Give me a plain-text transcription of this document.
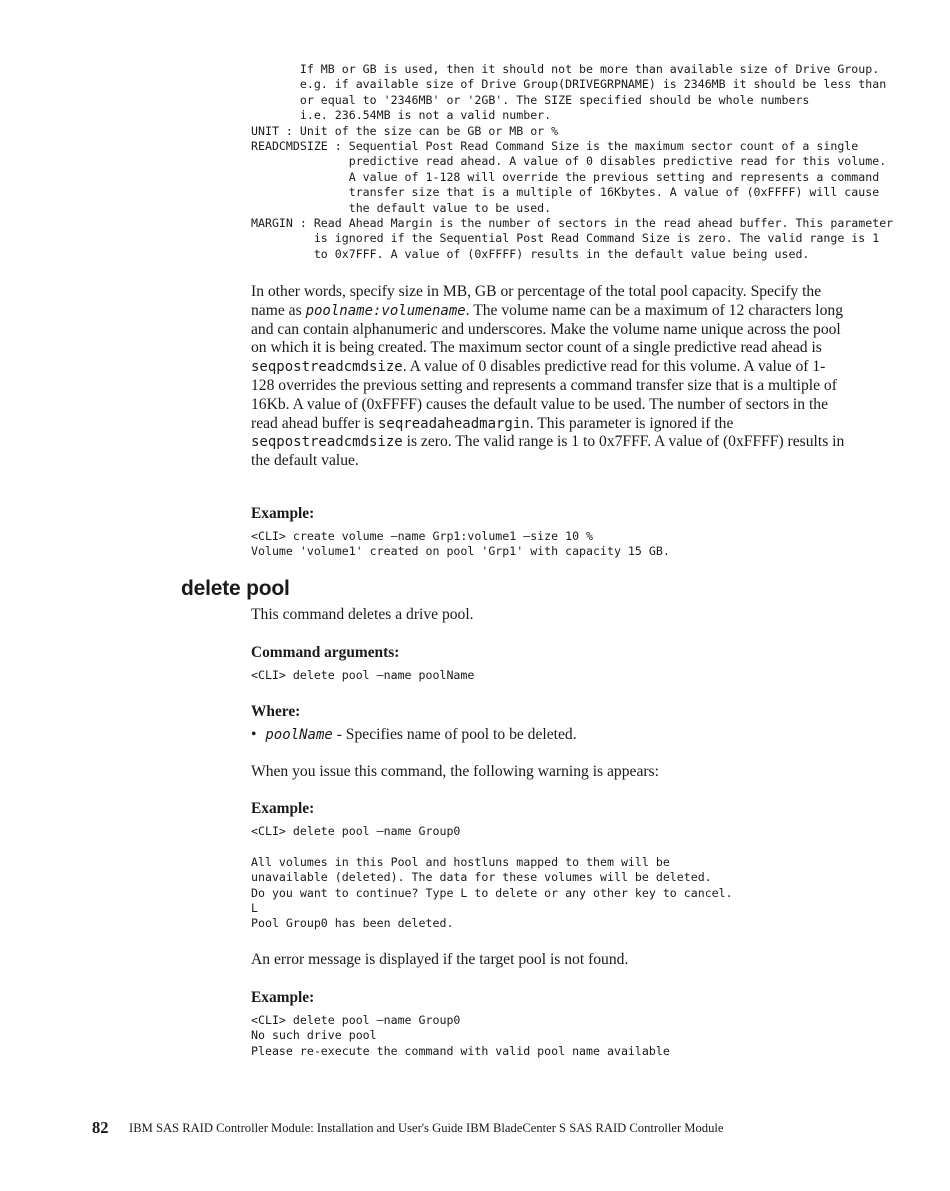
If MB or GB is used, then it should not be more than available size of Drive Group.
e.g. if available size of Drive Group(DRIVEGRPNAME) is 2346MB it should be less than
or equal to '2346MB' or '2GB'. The SIZE specified should be whole numbers
i.e. 236.54MB is not a valid number.
UNIT : Unit of the size can be GB or MB or %
READCMDSIZE : Sequential Post Read Command Size is the maximum sector count of a single
predictive read ahead. A value of 0 disables predictive read for this volume.
A value of 1-128 will override the previous setting and represents a command
transfer size that is a multiple of 16Kbytes. A value of (0xFFFF) will cause
the default value to be used.
MARGIN : Read Ahead Margin is the number of sectors in the read ahead buffer. This parameter
is ignored if the Sequential Post Read Command Size is zero. The valid range is 1
to 0x7FFF. A value of (0xFFFF) results in the default value being used.

In other words, specify size in MB, GB or percentage of the total pool capacity. Specify the name as poolname:volumename. The volume name can be a maximum of 12 characters long and can contain alphanumeric and underscores. Make the volume name unique across the pool on which it is being created. The maximum sector count of a single predictive read ahead is seqpostreadcmdsize. A value of 0 disables predictive read for this volume. A value of 1-128 overrides the previous setting and represents a command transfer size that is a multiple of 16Kb. A value of (0xFFFF) causes the default value to be used. The number of sectors in the read ahead buffer is seqreadaheadmargin. This parameter is ignored if the seqpostreadcmdsize is zero. The valid range is 1 to 0x7FFF. A value of (0xFFFF) results in the default value.

Example:
<CLI> create volume –name Grp1:volume1 –size 10 %
Volume 'volume1' created on pool 'Grp1' with capacity 15 GB.
delete pool
This command deletes a drive pool.
Command arguments:
<CLI> delete pool –name poolName
Where:
• poolName - Specifies name of pool to be deleted.
When you issue this command, the following warning is appears:
Example:
<CLI> delete pool –name Group0

All volumes in this Pool and hostluns mapped to them will be
unavailable (deleted). The data for these volumes will be deleted.
Do you want to continue? Type L to delete or any other key to cancel.
L
Pool Group0 has been deleted.
An error message is displayed if the target pool is not found.
Example:
<CLI> delete pool –name Group0
No such drive pool
Please re-execute the command with valid pool name available
82 IBM SAS RAID Controller Module: Installation and User's Guide IBM BladeCenter S SAS RAID Controller Module
